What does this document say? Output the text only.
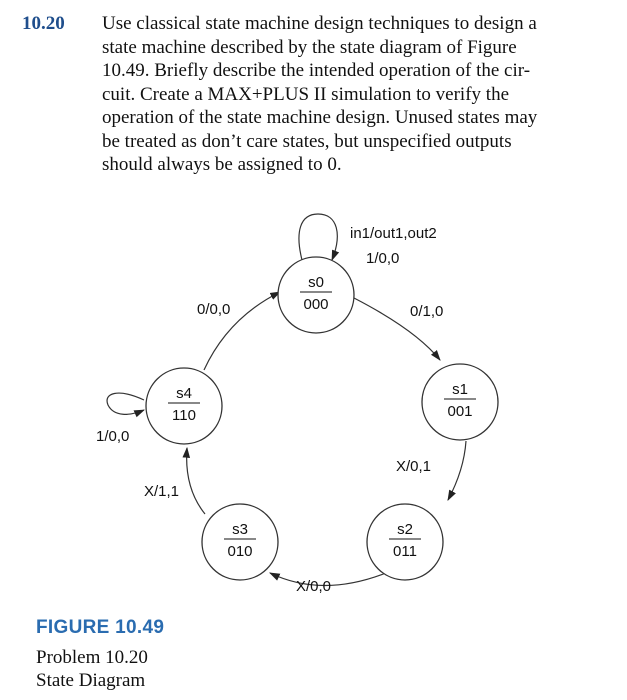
10.20 Use classical state machine design techniques to design a
state machine described by the state diagram of Figure
10.49. Briefly describe the intended operation of the cir-
cuit. Create a MAX+PLUS II simulation to verify the
operation of the state machine design. Unused states may
be treated as don’t care states, but unspecified outputs
should always be assigned to 0.
s0
000
s1
001
s2
011
s3
010
s4
110
in1/out1,out2
1/0,0
0/1,0
0/0,0
1/0,0
X/0,1
X/1,1
X/0,0
FIGURE 10.49
Problem 10.20
State Diagram
